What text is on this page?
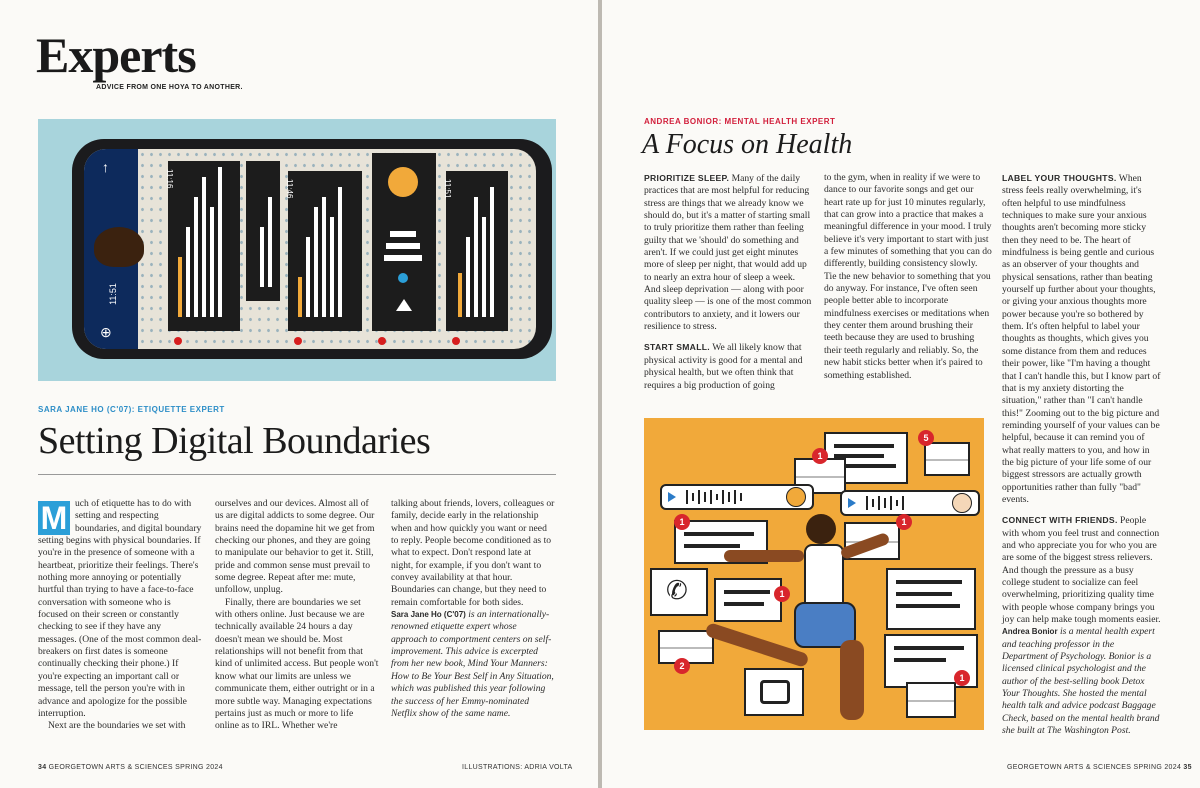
Experts
ADVICE FROM ONE HOYA TO ANOTHER.
↑
⊕
11:51
11:16
11:46	11:51
SARA JANE HO (C'07): ETIQUETTE EXPERT
Setting Digital Boundaries
M uch of etiquette has to do with setting and respecting boundaries, and digital boundary setting begins with physical boundaries. If you're in the presence of someone with a heartbeat, prioritize their feelings. There's nothing more annoying or potentially hurtful than trying to have a face-to-face conversation with someone who is focused on their screen or constantly checking to see if they have any messages. (One of the most common deal-breakers on first dates is someone continually checking their phone.) If you're expecting an important call or message, tell the person you're with in advance and apologize for the possible interruption.

Next are the boundaries we set with

ourselves and our devices. Almost all of us are digital addicts to some degree. Our brains need the dopamine hit we get from checking our phones, and they are going to manipulate our behavior to get it. Still, pride and common sense must prevail to some degree. Repeat after me: mute, unfollow, unplug.

Finally, there are boundaries we set with others online. Just because we are technically available 24 hours a day doesn't mean we should be. Most relationships will not benefit from that kind of unlimited access. But people won't know what our limits are unless we communicate them, either outright or in a more subtle way. Managing expectations pertains just as much or more to life online as to IRL. Whether we're

talking about friends, lovers, colleagues or family, decide early in the relationship when and how quickly you want or need to reply. People become conditioned as to what to expect. Don't respond late at night, for example, if you don't want to convey availability at that hour. Boundaries can change, but they need to remain comfortable for both sides.

Sara Jane Ho (C'07) is an internationally-renowned etiquette expert whose approach to comportment centers on self-improvement. This advice is excerpted from her new book, Mind Your Manners: How to Be Your Best Self in Any Situation, which was published this year following the success of her Emmy-nominated Netflix show of the same name.

34 GEORGETOWN ARTS & SCIENCES SPRING 2024	ILLUSTRATIONS: ADRIA VOLTA
ANDREA BONIOR: MENTAL HEALTH EXPERT
A Focus on Health

PRIORITIZE SLEEP. Many of the daily practices that are most helpful for reducing stress are things that we already know we should do, but it's a matter of starting small to truly prioritize them rather than feeling guilty that we 'should' do something and aren't. If we could just get eight minutes more of sleep per night, that would add up to nearly an extra hour of sleep a week. And sleep deprivation — along with poor quality sleep — is one of the most common contributors to anxiety, and it lowers our resilience to stress.

START SMALL. We all likely know that physical activity is good for a mental and physical health, but we often think that requires a big production of going

to the gym, when in reality if we were to dance to our favorite songs and get our heart rate up for just 10 minutes regularly, that can grow into a practice that makes a meaningful difference in your mood. I truly believe it's very important to start with just a few minutes of something that you can do differently, building consistency slowly. Tie the new behavior to something that you do anyway. For instance, I've often seen people better able to incorporate mindfulness exercises or meditations when they center them around brushing their teeth because they are used to brushing their teeth regularly and reliably. So, the new habit sticks better when it's paired to something established.

LABEL YOUR THOUGHTS. When stress feels really overwhelming, it's often helpful to use mindfulness techniques to make sure your anxious thoughts aren't becoming more sticky then they need to be. The heart of mindfulness is being gentle and curious as an observer of your thoughts and physical sensations, rather than beating yourself up further about your thoughts, or giving your anxious thoughts more power because you're so bothered by them. It's often helpful to label your thoughts as thoughts, which gives you some distance from them and reduces their power, like "I'm having a thought that I can't handle this, but I know part of that is my anxiety distorting the situation," rather than "I can't handle this!" Zooming out to the big picture and reminding yourself of your values can be helpful, because it can remind you of what really matters to you, and how in the big picture of your life some of our biggest stressors are actually growth opportunities rather than fully "bad" events.

CONNECT WITH FRIENDS. People with whom you feel trust and connection and who appreciate you for who you are are some of the biggest stress relievers. And though the pressure as a busy college student to socialize can feel overwhelming, prioritizing quality time with people whose company brings you joy can help make tough moments easier.

Andrea Bonior is a mental health expert and teaching professor in the Department of Psychology. Bonior is a licensed clinical psychologist and the author of the best-selling book Detox Your Thoughts. She hosted the mental health talk and advice podcast Baggage Check, based on the mental health brand she built at The Washington Post.

5
1
1	1
✆
2
1
1
GEORGETOWN ARTS & SCIENCES SPRING 2024 35
